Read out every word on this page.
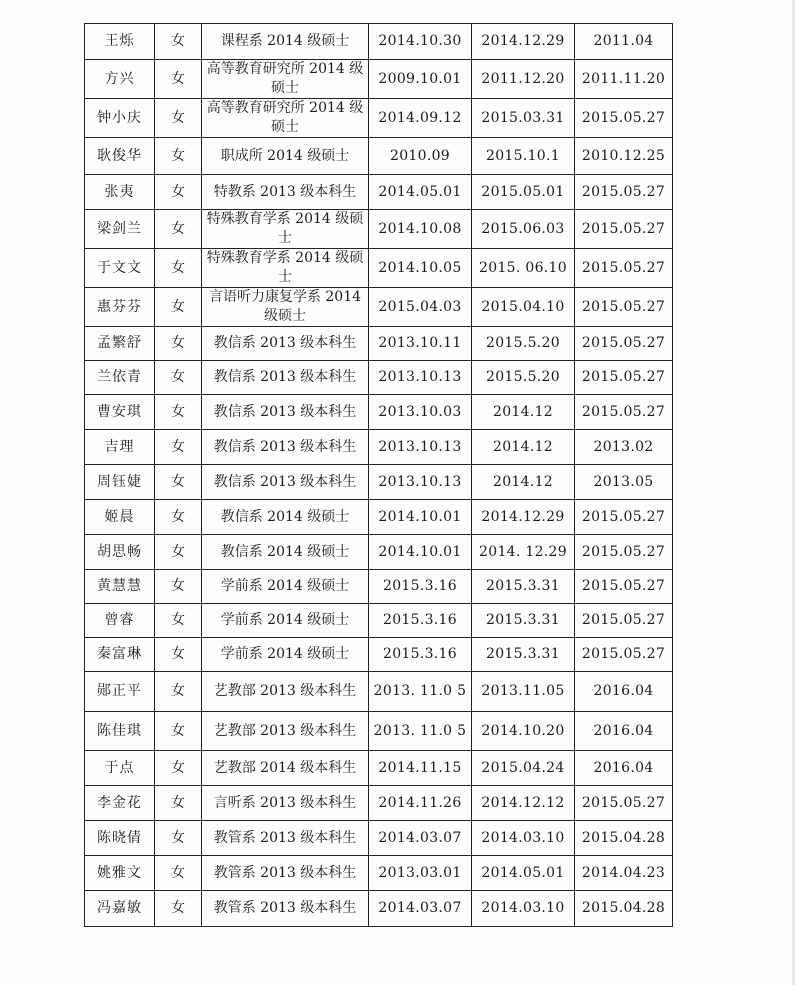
王烁	女	课程系 2014 级硕士	2014.10.30	2014.12.29	2011.04
方兴	女	高等教育研究所 2014 级硕士	2009.10.01	2011.12.20	2011.11.20
钟小庆	女	高等教育研究所 2014 级硕士	2014.09.12	2015.03.31	2015.05.27
耿俊华	女	职成所 2014 级硕士	2010.09	2015.10.1	2010.12.25
张夷	女	特教系 2013 级本科生	2014.05.01	2015.05.01	2015.05.27
梁剑兰	女	特殊教育学系 2014 级硕士	2014.10.08	2015.06.03	2015.05.27
于文文	女	特殊教育学系 2014 级硕士	2014.10.05	2015. 06.10	2015.05.27
惠芬芬	女	言语听力康复学系 2014 级硕士	2015.04.03	2015.04.10	2015.05.27
孟繁舒	女	教信系 2013 级本科生	2013.10.11	2015.5.20	2015.05.27
兰依青	女	教信系 2013 级本科生	2013.10.13	2015.5.20	2015.05.27
曹安琪	女	教信系 2013 级本科生	2013.10.03	2014.12	2015.05.27
吉理	女	教信系 2013 级本科生	2013.10.13	2014.12	2013.02
周钰婕	女	教信系 2013 级本科生	2013.10.13	2014.12	2013.05
姬晨	女	教信系 2014 级硕士	2014.10.01	2014.12.29	2015.05.27
胡思畅	女	教信系 2014 级硕士	2014.10.01	2014. 12.29	2015.05.27
黄慧慧	女	学前系 2014 级硕士	2015.3.16	2015.3.31	2015.05.27
曾睿	女	学前系 2014 级硕士	2015.3.16	2015.3.31	2015.05.27
秦富琳	女	学前系 2014 级硕士	2015.3.16	2015.3.31	2015.05.27
郧正平	女	艺教部 2013 级本科生	2013. 11.0 5	2013.11.05	2016.04
陈佳琪	女	艺教部 2013 级本科生	2013. 11.0 5	2014.10.20	2016.04
于点	女	艺教部 2014 级本科生	2014.11.15	2015.04.24	2016.04
李金花	女	言听系 2013 级本科生	2014.11.26	2014.12.12	2015.05.27
陈晓倩	女	教管系 2013 级本科生	2014.03.07	2014.03.10	2015.04.28
姚雅文	女	教管系 2013 级本科生	2013.03.01	2014.05.01	2014.04.23
冯嘉敏	女	教管系 2013 级本科生	2014.03.07	2014.03.10	2015.04.28
